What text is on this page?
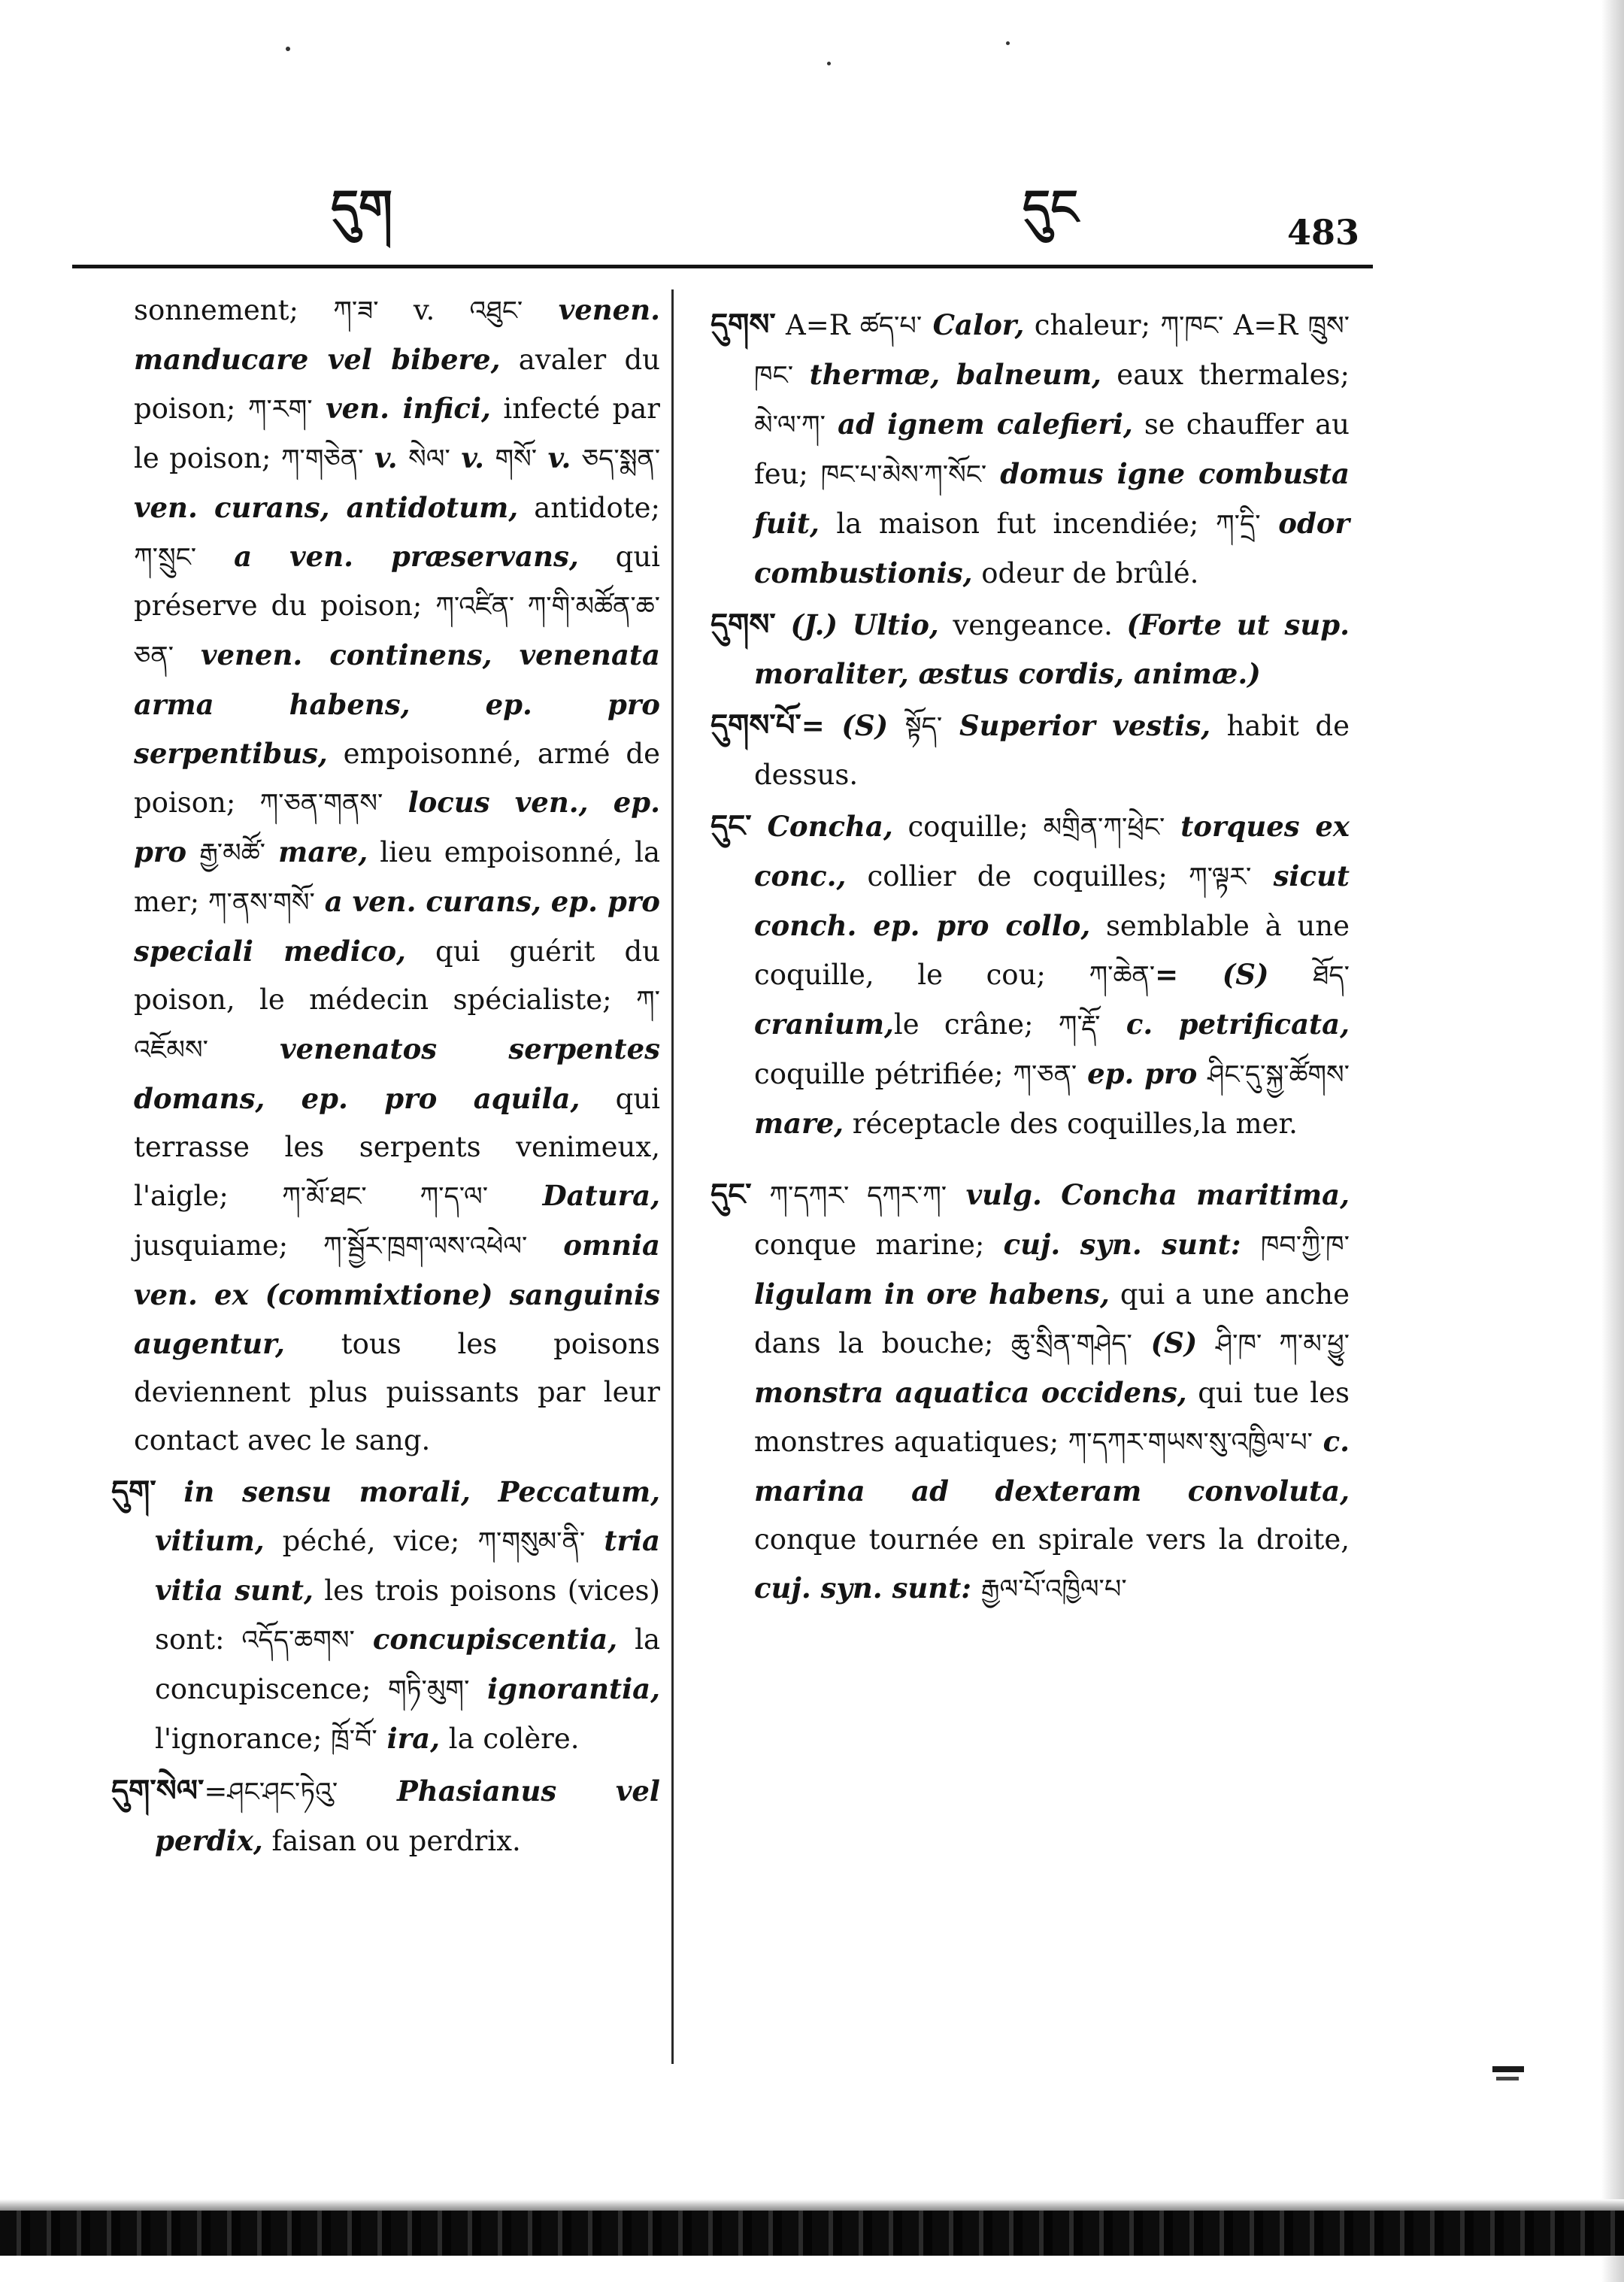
དུག	དུང	483

sonnement; ཀ་ཟ་ v. འཐུང་ venen. manducare vel bibere, avaler du poison; ཀ་རག་ ven. infici, infecté par le poison; ཀ་གཅེན་ v. སེལ་ v. གསོ་ v. ཅད་སྨན་ ven. curans, antidotum, antidote; ཀ་སྲུང་ a ven. præservans, qui préserve du poison; ཀ་འཛིན་ ཀ་གི་མཚོན་ཆ་ཅན་ venen. continens, venenata arma habens, ep. pro serpentibus, empoisonné, armé de poison; ཀ་ཅན་གནས་ locus ven., ep. pro རྒྱ་མཚོ་ mare, lieu empoisonné, la mer; ཀ་ནས་གསོ་ a ven. curans, ep. pro speciali medico, qui guérit du poison, le médecin spécialiste; ཀ་འཇོམས་ venenatos serpentes domans, ep. pro aquila, qui terrasse les serpents venimeux, l'aigle; ཀ་མོ་ཐང་ ཀ་ད་ལ་ Datura, jusquiame; ཀ་སྦྱོར་ཁྲག་ལས་འཕེལ་ omnia ven. ex (commixtione) sanguinis augentur, tous les poisons deviennent plus puissants par leur contact avec le sang.

དུག་ in sensu morali, Peccatum, vitium, péché, vice; ཀ་གསུམ་ནི་ tria vitia sunt, les trois poisons (vices) sont: འདོད་ཆགས་ concupiscentia, la concupiscence; གཏི་མུག་ ignorantia, l'ignorance; ཁྲོ་བོ་ ira, la colère.

དུག་སེལ་=ཤང་ཤང་ཏེའུ་ Phasianus vel perdix, faisan ou perdrix.

དུགས་ A=R ཚད་པ་ Calor, chaleur; ཀ་ཁང་ A=R ཁྲུས་ཁང་ thermæ, balneum, eaux thermales; མེ་ལ་ཀ་ ad ignem calefieri, se chauffer au feu; ཁང་པ་མེས་ཀ་སོང་ domus igne combusta fuit, la maison fut incendiée; ཀ་དྲི་ odor combustionis, odeur de brûlé.

དུགས་ (J.) Ultio, vengeance. (Forte ut sup. moraliter, æstus cordis, animæ.)

དུགས་པོ་= (S) སྟོད་ Superior vestis, habit de dessus.

དུང་ Concha, coquille; མགྲིན་ཀ་ཕྲེང་ torques ex conc., collier de coquilles; ཀ་ལྟར་ sicut conch. ep. pro collo, semblable à une coquille, le cou; ཀ་ཆེན་= (S) ཐོད་ cranium,le crâne; ཀ་རྡོ་ c. petrificata, coquille pétrifiée; ཀ་ཅན་ ep. pro ཤིང་དུ་སྐྱ་ཚོགས་ mare, réceptacle des coquilles,la mer.

དུང་ ཀ་དཀར་ དཀར་ཀ་ vulg. Concha maritima, conque marine; cuj. syn. sunt: ཁབ་ཀྱི་ཁ་ ligulam in ore habens, qui a une anche dans la bouche; ཆུ་སྲིན་གཤེད་ (S) ཤི་ཁ་ ཀ་མ་ཕྱུ་ monstra aquatica occidens, qui tue les monstres aquatiques; ཀ་དཀར་གཡས་སུ་འཁྱིལ་པ་ c. marina ad dexteram convoluta, conque tournée en spirale vers la droite, cuj. syn. sunt: རྒྱལ་པོ་འཁྱིལ་པ་
